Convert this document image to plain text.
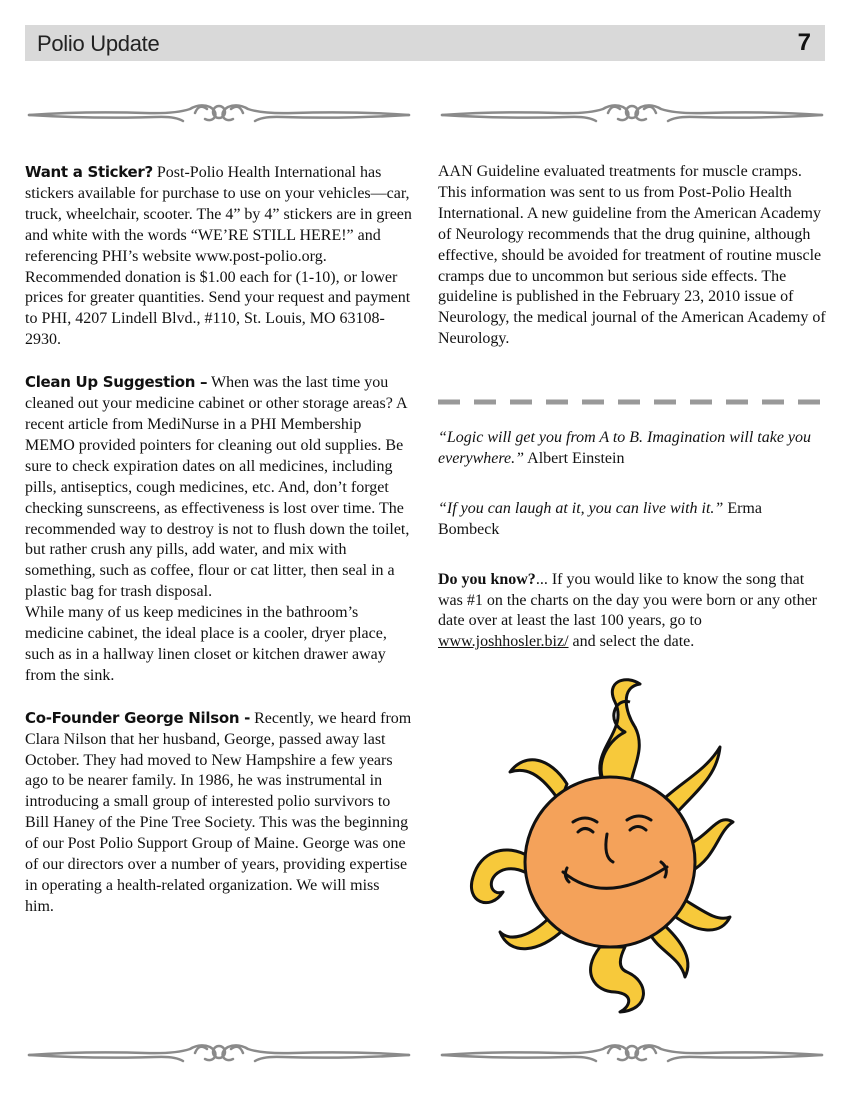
Polio Update	7

Want a Sticker? Post-Polio Health International has stickers available for purchase to use on your vehicles—car, truck, wheelchair, scooter. The 4” by 4” stickers are in green and white with the words “WE’RE STILL HERE!” and referencing PHI’s website www.post-polio.org. Recommended donation is $1.00 each for (1-10), or lower prices for greater quantities. Send your request and payment to PHI, 4207 Lindell Blvd., #110, St. Louis, MO 63108-2930.

Clean Up Suggestion – When was the last time you cleaned out your medicine cabinet or other storage areas? A recent article from MediNurse in a PHI Membership MEMO provided pointers for cleaning out old supplies. Be sure to check expiration dates on all medicines, including pills, antiseptics, cough medicines, etc. And, don’t forget checking sunscreens, as effectiveness is lost over time. The recommended way to destroy is not to flush down the toilet, but rather crush any pills, add water, and mix with something, such as coffee, flour or cat litter, then seal in a plastic bag for trash disposal.

While many of us keep medicines in the bathroom’s medicine cabinet, the ideal place is a cooler, dryer place, such as in a hallway linen closet or kitchen drawer away from the sink.

Co-Founder George Nilson - Recently, we heard from Clara Nilson that her husband, George, passed away last October. They had moved to New Hampshire a few years ago to be nearer family. In 1986, he was instrumental in introducing a small group of interested polio survivors to Bill Haney of the Pine Tree Society. This was the beginning of our Post Polio Support Group of Maine. George was one of our directors over a number of years, providing expertise in operating a health-related organization. We will miss him.

AAN Guideline evaluated treatments for muscle cramps. This information was sent to us from Post-Polio Health International. A new guideline from the American Academy of Neurology recommends that the drug quinine, although effective, should be avoided for treatment of routine muscle cramps due to uncommon but serious side effects. The guideline is published in the February 23, 2010 issue of Neurology, the medical journal of the American Academy of Neurology.

“Logic will get you from A to B. Imagination will take you everywhere.” Albert Einstein

“If you can laugh at it, you can live with it.” Erma Bombeck

Do you know?... If you would like to know the song that was #1 on the charts on the day you were born or any other date over at least the last 100 years, go to www.joshhosler.biz/ and select the date.
